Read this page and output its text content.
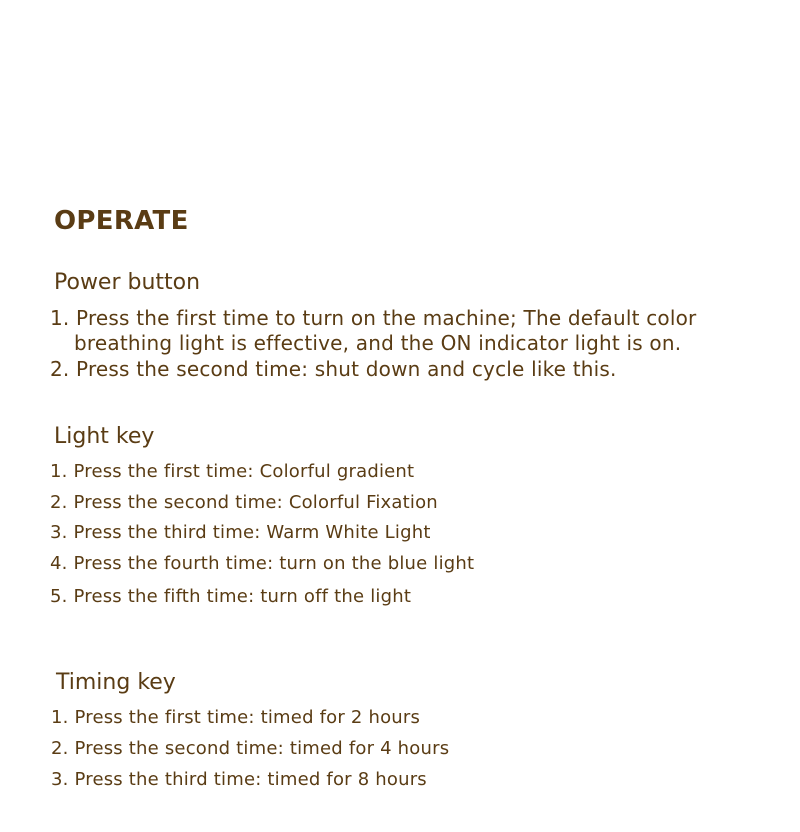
OPERATE
Power button
1. Press the first time to turn on the machine; The default color
breathing light is effective, and the ON indicator light is on.
2. Press the second time: shut down and cycle like this.
Light key
1. Press the first time: Colorful gradient
2. Press the second time: Colorful Fixation
3. Press the third time: Warm White Light
4. Press the fourth time: turn on the blue light
5. Press the fifth time: turn off the light
Timing key
1. Press the first time: timed for 2 hours
2. Press the second time: timed for 4 hours
3. Press the third time: timed for 8 hours
